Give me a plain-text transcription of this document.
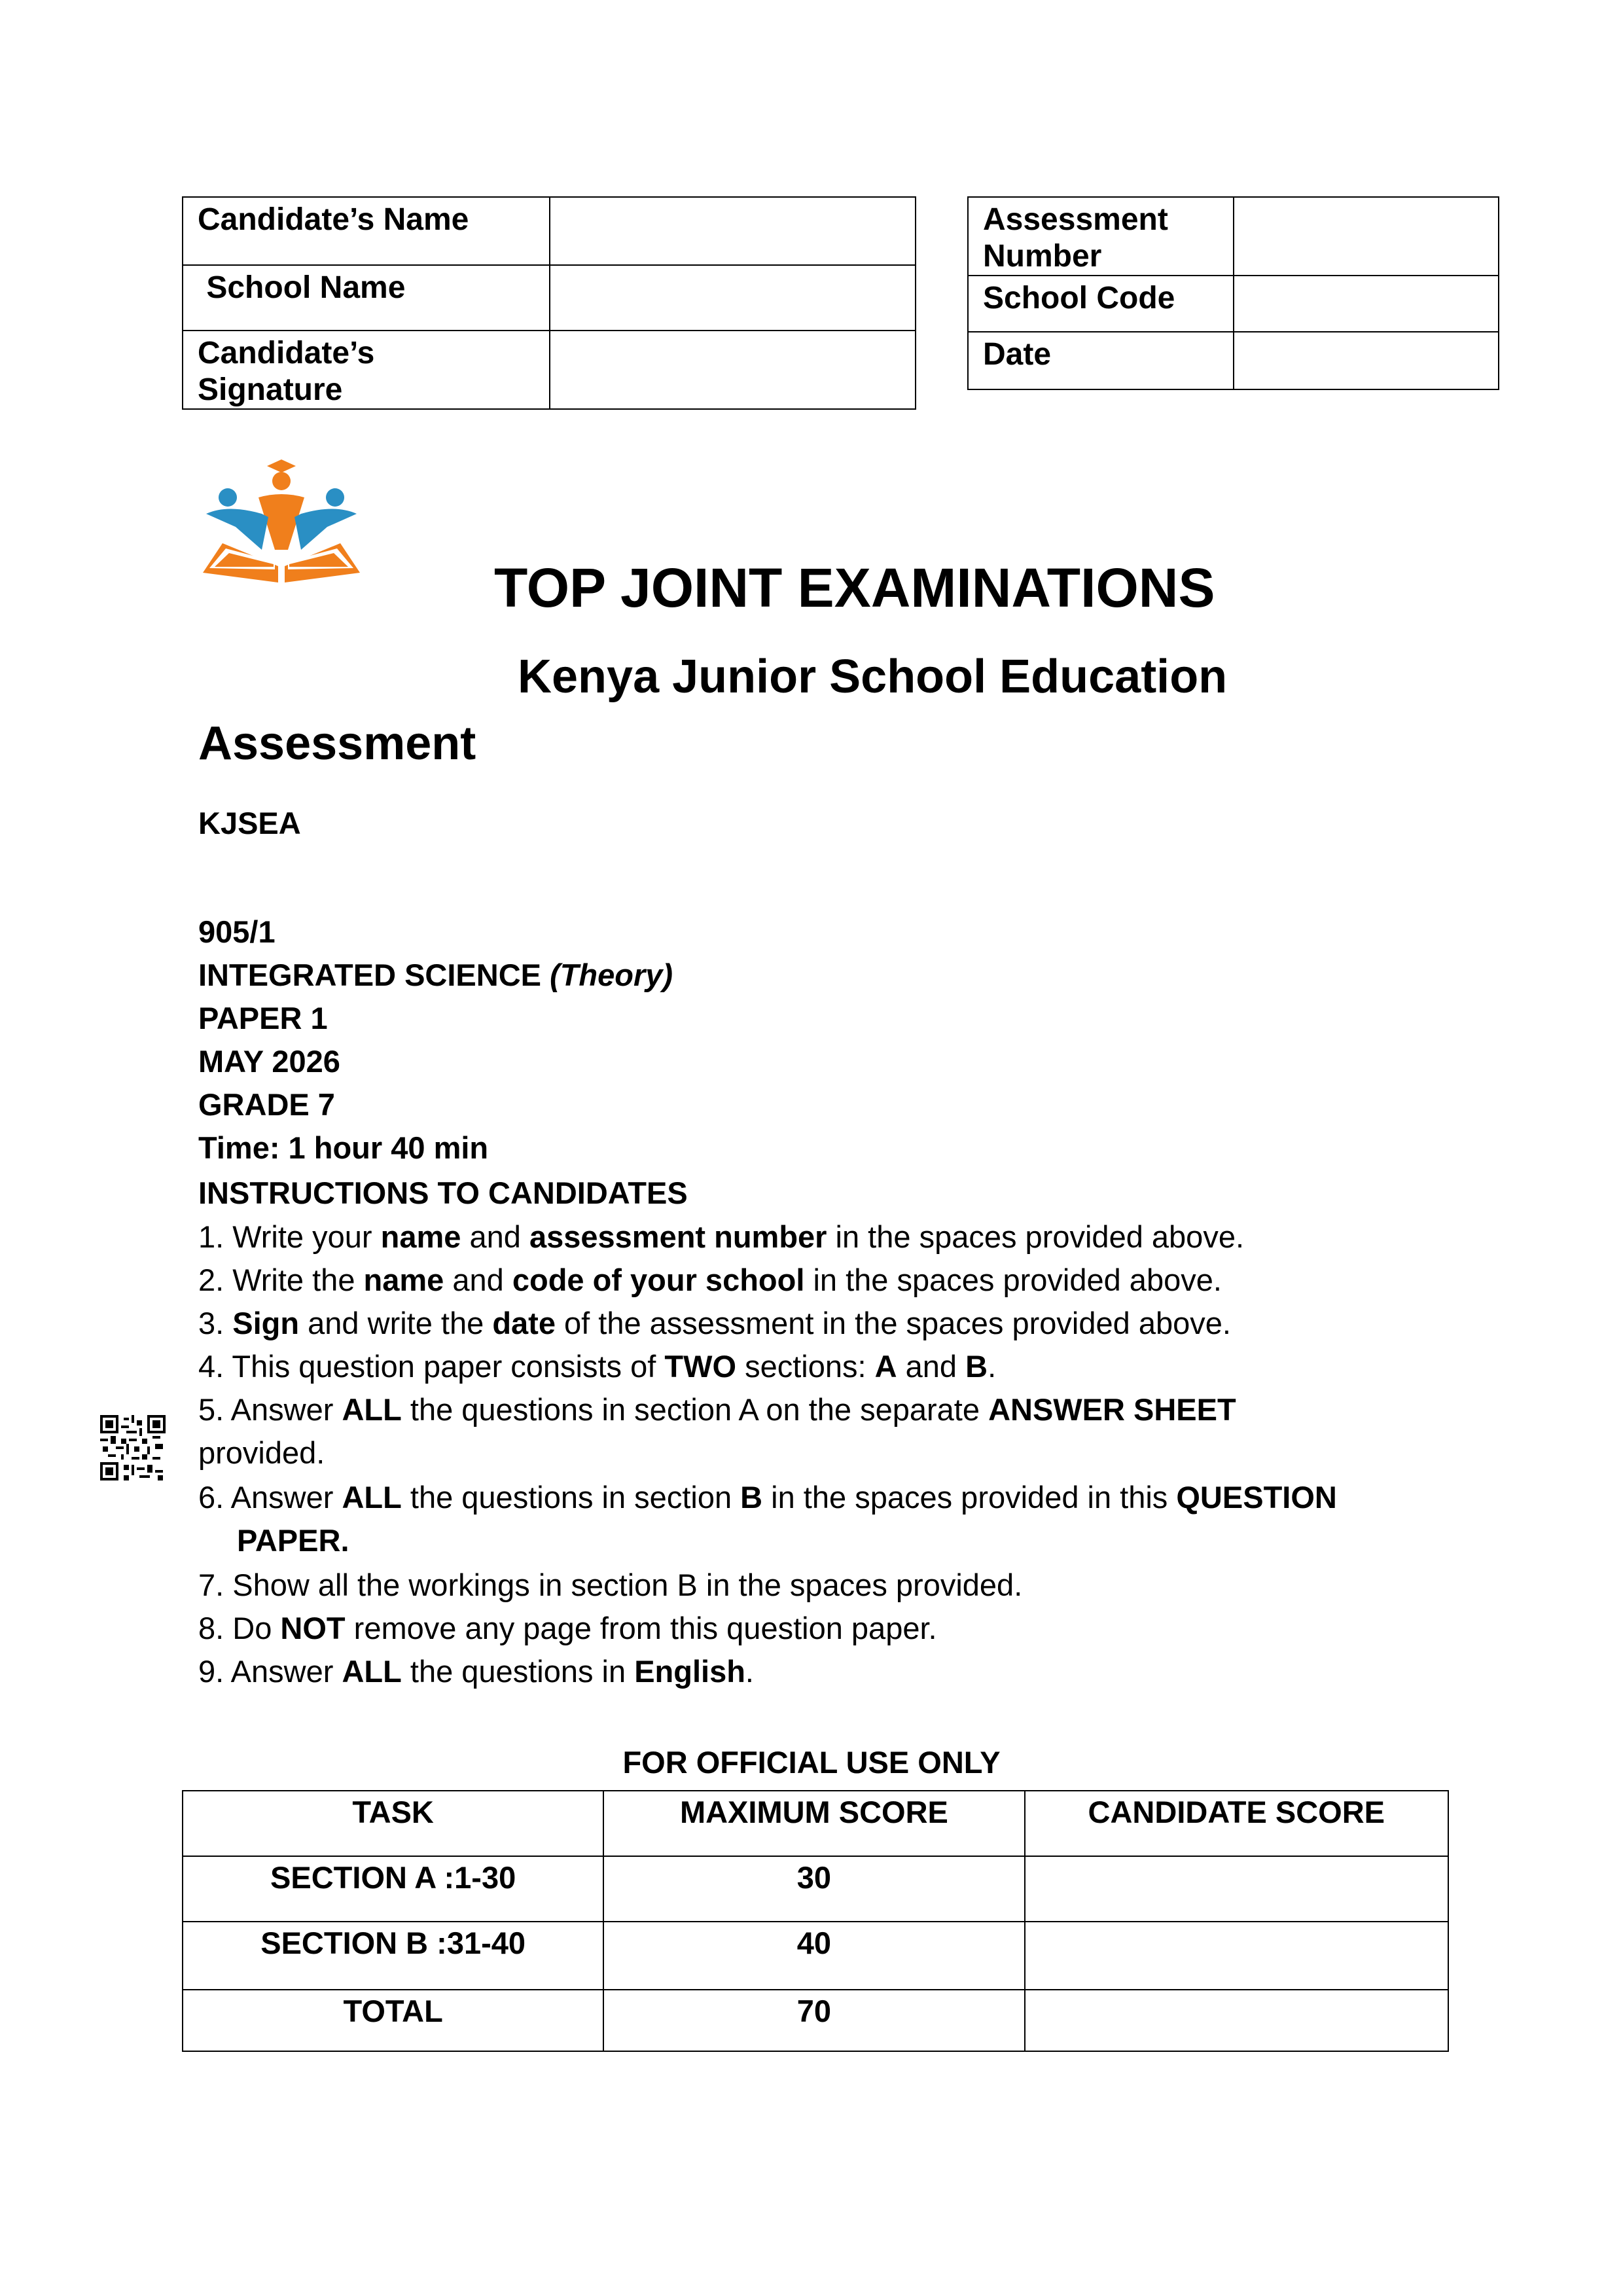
Candidate’s Name	
School Name	

Candidate’s
Signature	

Assessment
Number	

School Code	
Date	
TOP JOINT EXAMINATIONS
Kenya Junior School Education
Assessment
KJSEA
905/1
INTEGRATED SCIENCE (Theory)
PAPER 1
MAY 2026
GRADE 7
Time: 1 hour 40 min
INSTRUCTIONS TO CANDIDATES
1. Write your name and assessment number in the spaces provided above.
2. Write the name and code of your school in the spaces provided above.
3. Sign and write the date of the assessment in the spaces provided above.
4. This question paper consists of TWO sections: A and B.
5. Answer ALL the questions in section A on the separate ANSWER SHEET
provided.
6. Answer ALL the questions in section B in the spaces provided in this QUESTION
PAPER.
7. Show all the workings in section B in the spaces provided.
8. Do NOT remove any page from this question paper.
9. Answer ALL the questions in English.
FOR OFFICIAL USE ONLY
TASK	MAXIMUM SCORE	CANDIDATE SCORE
SECTION A :1-30	30	
SECTION B :31-40	40	
TOTAL	70	
